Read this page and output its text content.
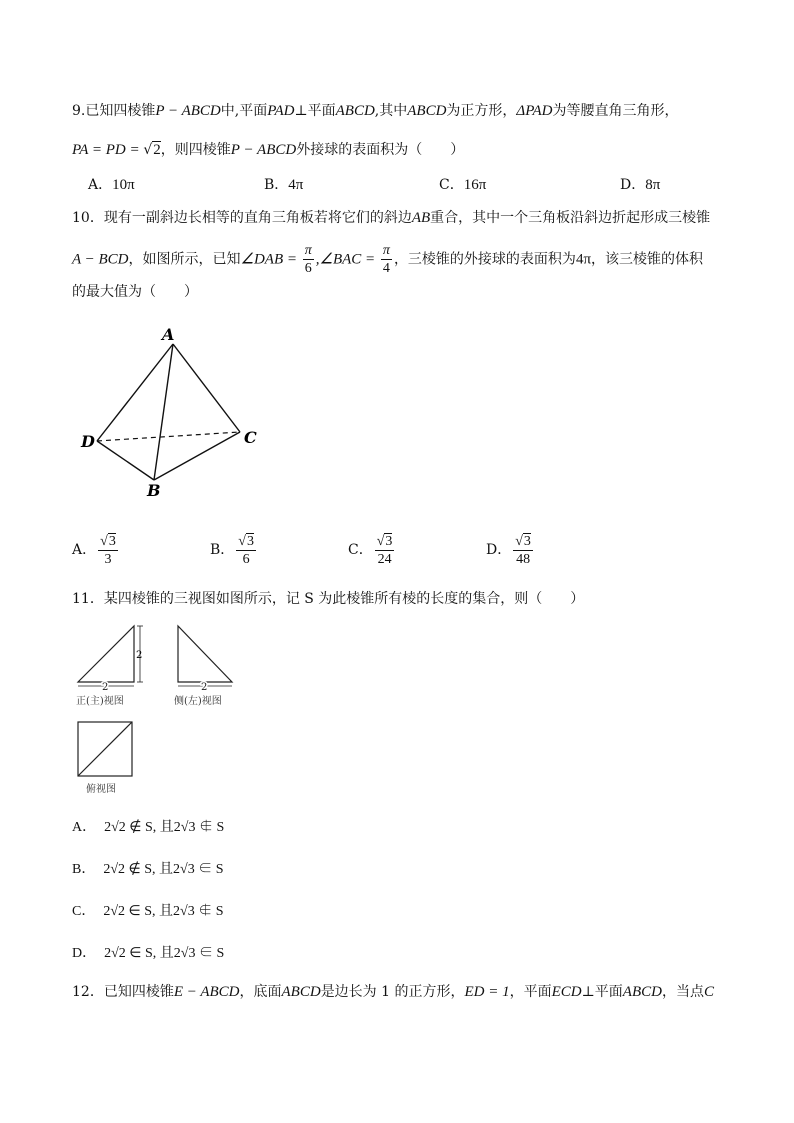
9.已知四棱锥P − ABCD中,平面PAD⊥平面ABCD,其中ABCD为正方形，ΔPAD为等腰直角三角形，
PA = PD = √2，则四棱锥P − ABCD外接球的表面积为（　　）
A．10π	B．4π	C．16π	D．8π
10．现有一副斜边长相等的直角三角板若将它们的斜边AB重合，其中一个三角板沿斜边折起形成三棱锥
A − BCD，如图所示，已知∠DAB = $\frac{\pi}{6}$ ,∠BAC = $\frac{\pi}{4}$ ，三棱锥的外接球的表面积为4π，该三棱锥的体积
的最大值为（　　）
A
D	C
B
A． $\frac{√3}{3}$	B． $\frac{√3}{6}$	C． $\frac{√3}{24}$	D． $\frac{√3}{48}$
11．某四棱锥的三视图如图所示，记 S 为此棱锥所有棱的长度的集合，则（　　）
2
2
正(主)视图
2
侧(左)视图
俯视图
A． 2√2 ∉ S, 且2√3 ∉ S
B． 2√2 ∉ S, 且2√3 ∈ S
C． 2√2 ∈ S, 且2√3 ∉ S
D． 2√2 ∈ S, 且2√3 ∈ S
12．已知四棱锥E − ABCD，底面ABCD是边长为 1 的正方形，ED = 1，平面ECD⊥平面ABCD，当点C
